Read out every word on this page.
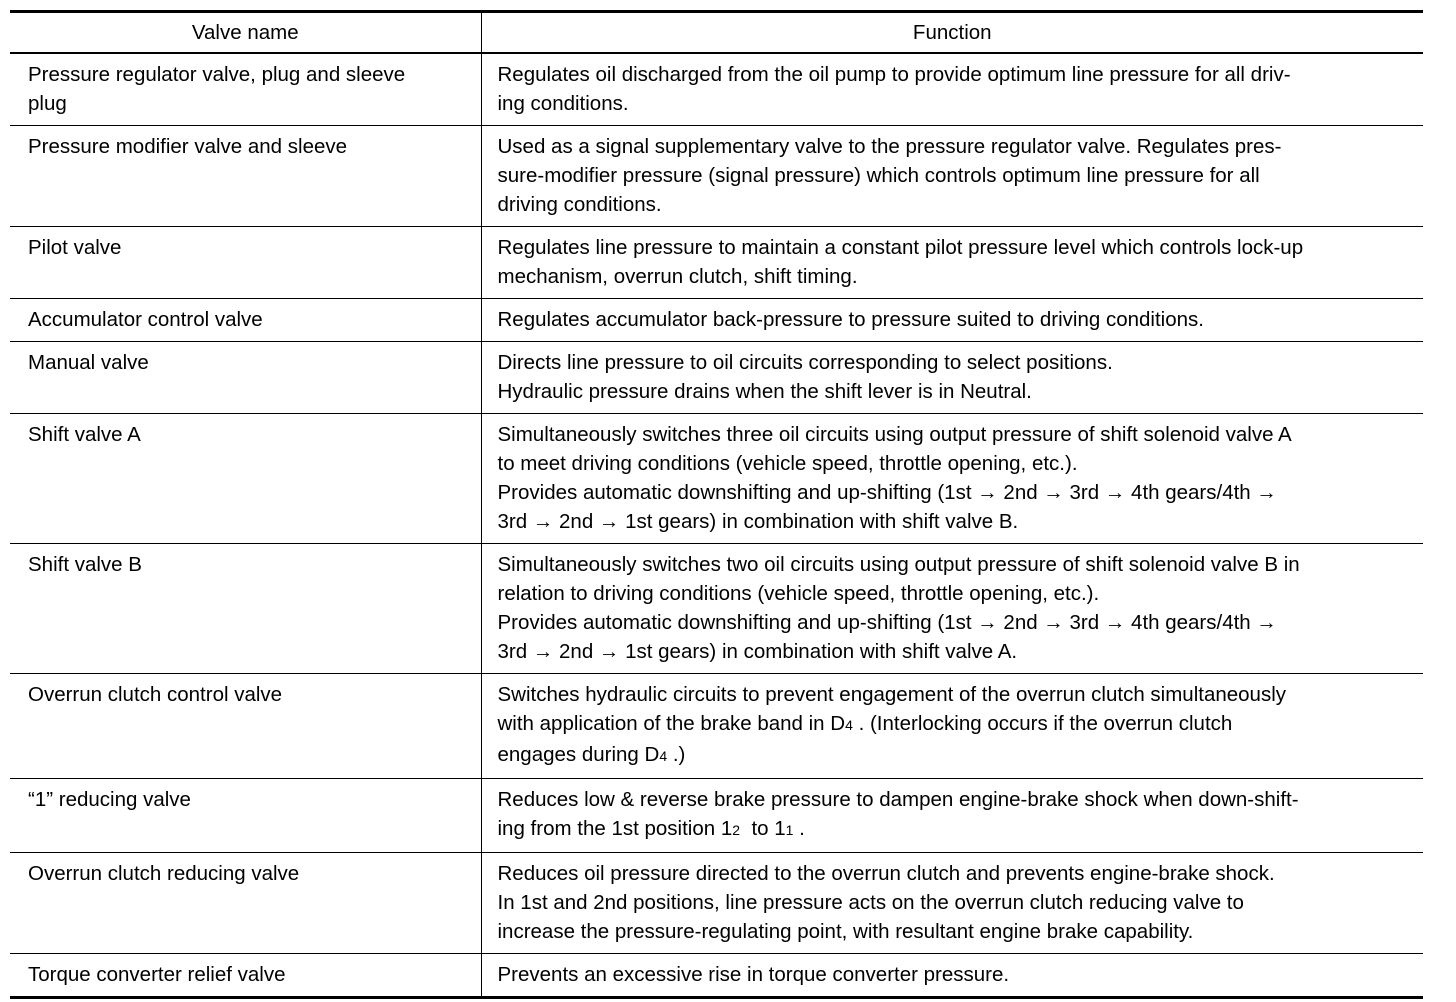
Valve name	Function

Pressure regulator valve, plug and sleeve
plug	Regulates oil discharged from the oil pump to provide optimum line pressure for all driv-
ing conditions.

Pressure modifier valve and sleeve	Used as a signal supplementary valve to the pressure regulator valve. Regulates pres-
sure-modifier pressure (signal pressure) which controls optimum line pressure for all
driving conditions.

Pilot valve	Regulates line pressure to maintain a constant pilot pressure level which controls lock-up
mechanism, overrun clutch, shift timing.

Accumulator control valve	Regulates accumulator back-pressure to pressure suited to driving conditions.

Manual valve	Directs line pressure to oil circuits corresponding to select positions.
Hydraulic pressure drains when the shift lever is in Neutral.

Shift valve A	Simultaneously switches three oil circuits using output pressure of shift solenoid valve A
to meet driving conditions (vehicle speed, throttle opening, etc.).
Provides automatic downshifting and up-shifting (1st → 2nd → 3rd → 4th gears/4th →
3rd → 2nd → 1st gears) in combination with shift valve B.

Shift valve B	Simultaneously switches two oil circuits using output pressure of shift solenoid valve B in
relation to driving conditions (vehicle speed, throttle opening, etc.).
Provides automatic downshifting and up-shifting (1st → 2nd → 3rd → 4th gears/4th →
3rd → 2nd → 1st gears) in combination with shift valve A.

Overrun clutch control valve	Switches hydraulic circuits to prevent engagement of the overrun clutch simultaneously
with application of the brake band in D4 . (Interlocking occurs if the overrun clutch
engages during D4 .)

“1” reducing valve	Reduces low & reverse brake pressure to dampen engine-brake shock when down-shift-
ing from the 1st position 12  to 11 .

Overrun clutch reducing valve	Reduces oil pressure directed to the overrun clutch and prevents engine-brake shock.
In 1st and 2nd positions, line pressure acts on the overrun clutch reducing valve to
increase the pressure-regulating point, with resultant engine brake capability.

Torque converter relief valve	Prevents an excessive rise in torque converter pressure.
